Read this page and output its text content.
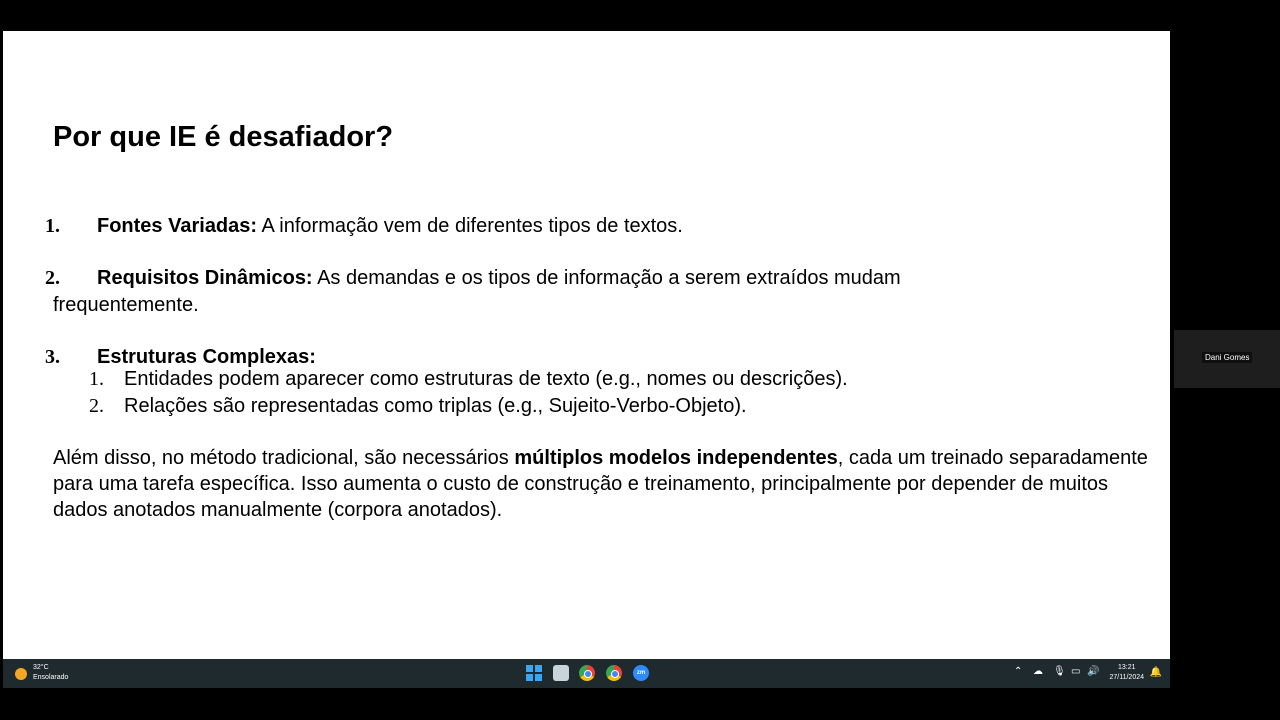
Por que IE é desafiador?
1. Fontes Variadas: A informação vem de diferentes tipos de textos.
2. Requisitos Dinâmicos: As demandas e os tipos de informação a serem extraídos mudam
frequentemente.
3. Estruturas Complexas:
1. Entidades podem aparecer como estruturas de texto (e.g., nomes ou descrições).
2. Relações são representadas como triplas (e.g., Sujeito-Verbo-Objeto).
Além disso, no método tradicional, são necessários múltiplos modelos independentes, cada um treinado separadamente para uma tarefa específica. Isso aumenta o custo de construção e treinamento, principalmente por depender de muitos dados anotados manualmente (corpora anotados).
32°C
Ensolarado
zm	⌃ ☁ 🎙 ▭ 🔊	13:21
27/11/2024 🔔
Dani Gomes
